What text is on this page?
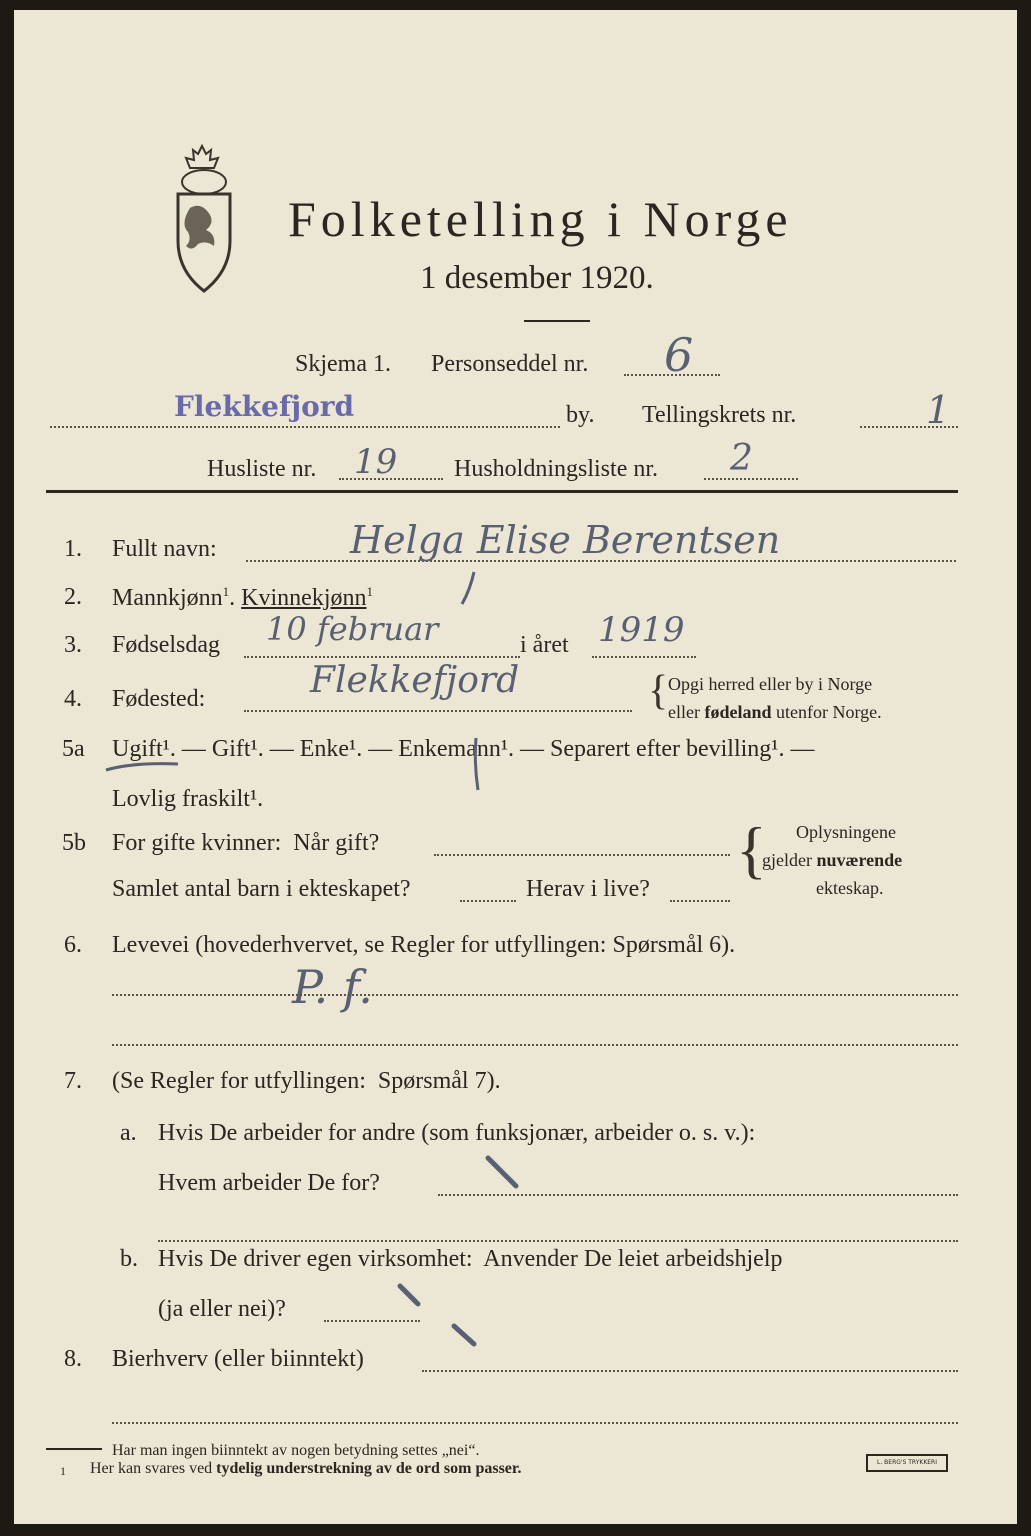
Folketelling i Norge
1 desember 1920.
Skjema 1. Personseddel nr. 6
Flekkefjord	by. Tellingskrets nr.	1
Husliste nr. 19 Husholdningsliste nr. 2
1. Fullt navn:	Helga Elise Berentsen
2. Mannkjønn$^1$. Kvinnekjønn$^1$
3. Fødselsdag 10 februar	i året 1919
4. Fødested:	Flekkefjord	{ Opgi herred eller by i Norge
eller fødeland utenfor Norge.
5a Ugift¹. — Gift¹. — Enke¹. — Enkemann¹. — Separert efter bevilling¹. —
Lovlig fraskilt¹.
5b For gifte kvinner:  Når gift?
Samlet antal barn i ekteskapet?	Herav i live?
{ Oplysningene
gjelder nuværende
ekteskap.
6. Levevei (hovederhvervet, se Regler for utfyllingen: Spørsmål 6).
P. f.
7. (Se Regler for utfyllingen:  Spørsmål 7).
a. Hvis De arbeider for andre (som funksjonær, arbeider o. s. v.):
Hvem arbeider De for?
b. Hvis De driver egen virksomhet:  Anvender De leiet arbeidshjelp
(ja eller nei)?
8. Bierhverv (eller biinntekt)
Har man ingen biinntekt av nogen betydning settes „nei“.
1 Her kan svares ved tydelig understrekning av de ord som passer.	L. BERG'S TRYKKERI
